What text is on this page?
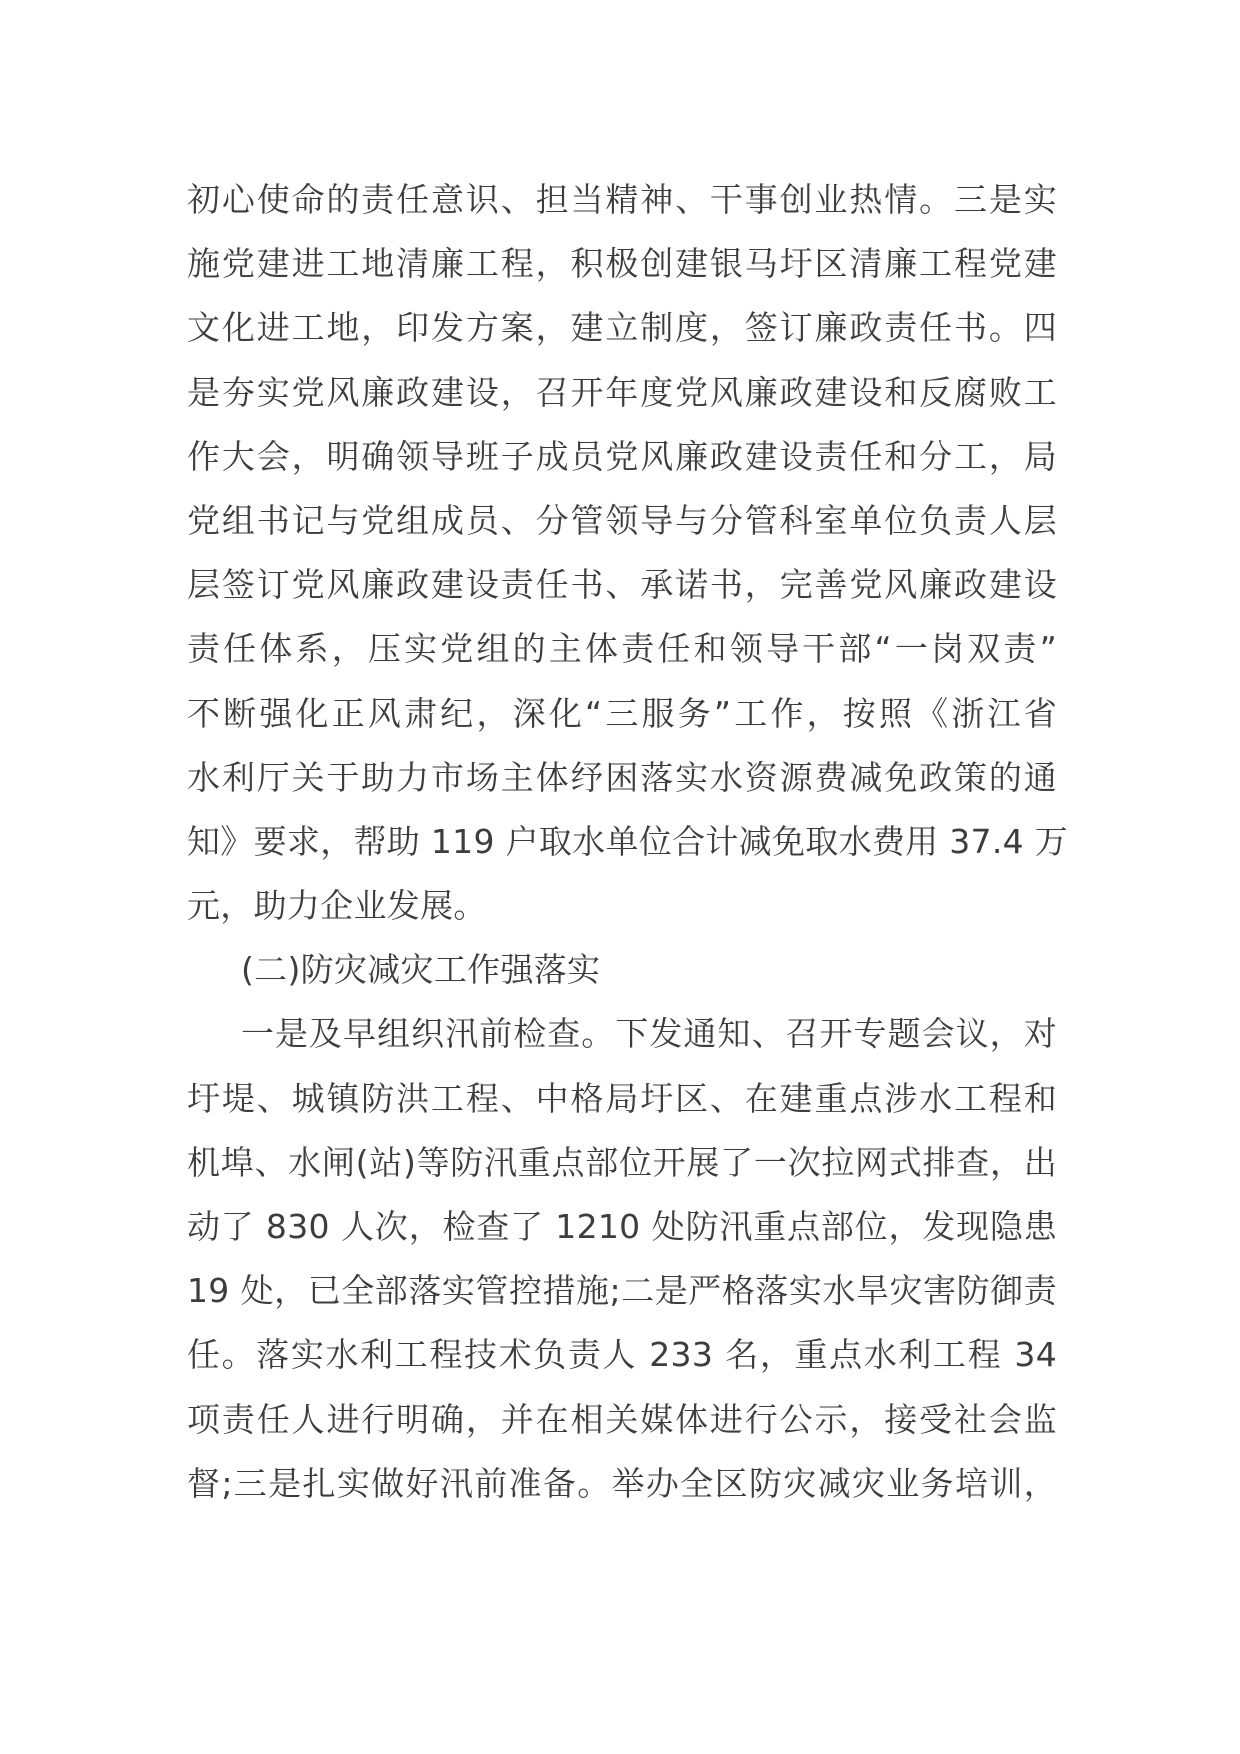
初心使命的责任意识、担当精神、干事创业热情。三是实
施党建进工地清廉工程，积极创建银马圩区清廉工程党建
文化进工地，印发方案，建立制度，签订廉政责任书。四
是夯实党风廉政建设，召开年度党风廉政建设和反腐败工
作大会，明确领导班子成员党风廉政建设责任和分工，局
党组书记与党组成员、分管领导与分管科室单位负责人层
层签订党风廉政建设责任书、承诺书，完善党风廉政建设
责任体系，压实党组的主体责任和领导干部“一岗双责”
不断强化正风肃纪，深化“三服务”工作，按照《浙江省
水利厅关于助力市场主体纾困落实水资源费减免政策的通
知》要求，帮助 119 户取水单位合计减免取水费用 37.4 万
元，助力企业发展。
(二)防灾减灾工作强落实
一是及早组织汛前检查。下发通知、召开专题会议，对
圩堤、城镇防洪工程、中格局圩区、在建重点涉水工程和
机埠、水闸(站)等防汛重点部位开展了一次拉网式排查，出
动了 830 人次，检查了 1210 处防汛重点部位，发现隐患
19 处，已全部落实管控措施;二是严格落实水旱灾害防御责
任。落实水利工程技术负责人 233 名，重点水利工程 34
项责任人进行明确，并在相关媒体进行公示，接受社会监
督;三是扎实做好汛前准备。举办全区防灾减灾业务培训，
